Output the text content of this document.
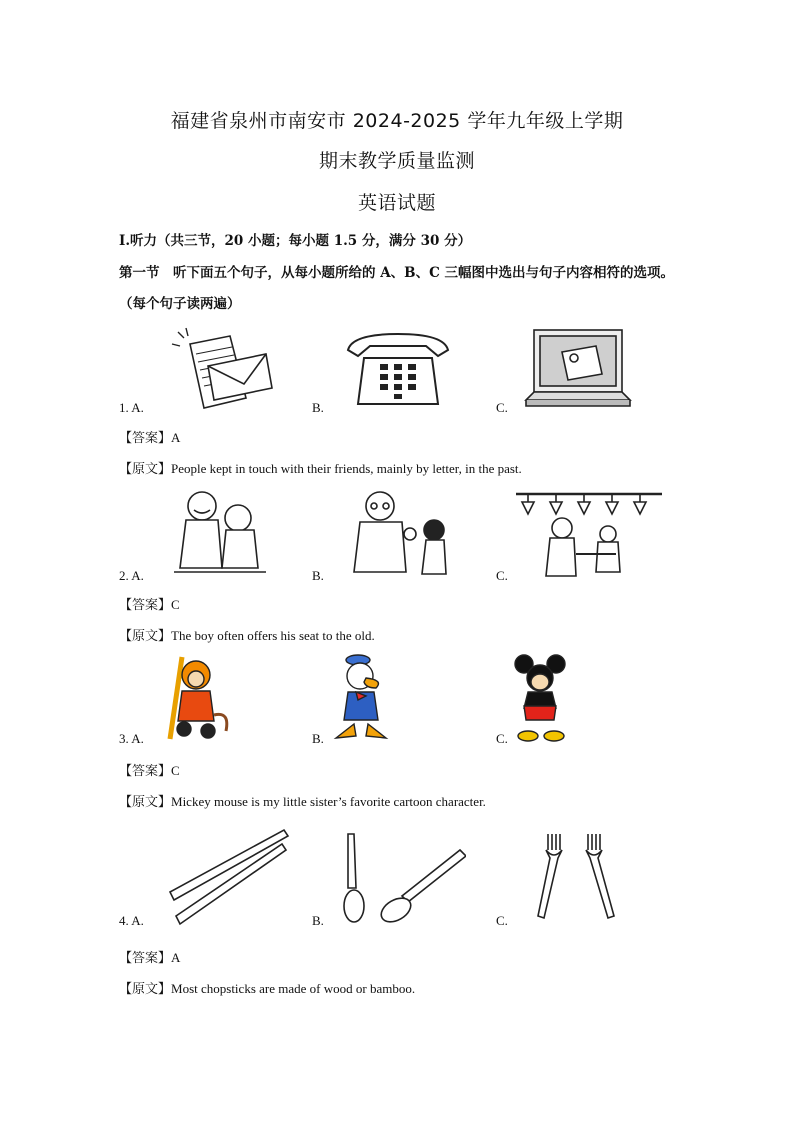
福建省泉州市南安市 2024-2025 学年九年级上学期
期末教学质量监测
英语试题
Ⅰ.听力（共三节，20 小题；每小题 1.5 分，满分 30 分）
第一节　听下面五个句子，从每小题所给的 A、B、C 三幅图中选出与句子内容相符的选项。
（每个句子读两遍）
1. A.	B.	C.
【答案】A
【原文】People kept in touch with their friends, mainly by letter, in the past.
2. A.	B.	C.
【答案】C
【原文】The boy often offers his seat to the old.
3. A.	B.	C.
【答案】C
【原文】Mickey mouse is my little sister’s favorite cartoon character.
4. A.	B.	C.
【答案】A
【原文】Most chopsticks are made of wood or bamboo.
